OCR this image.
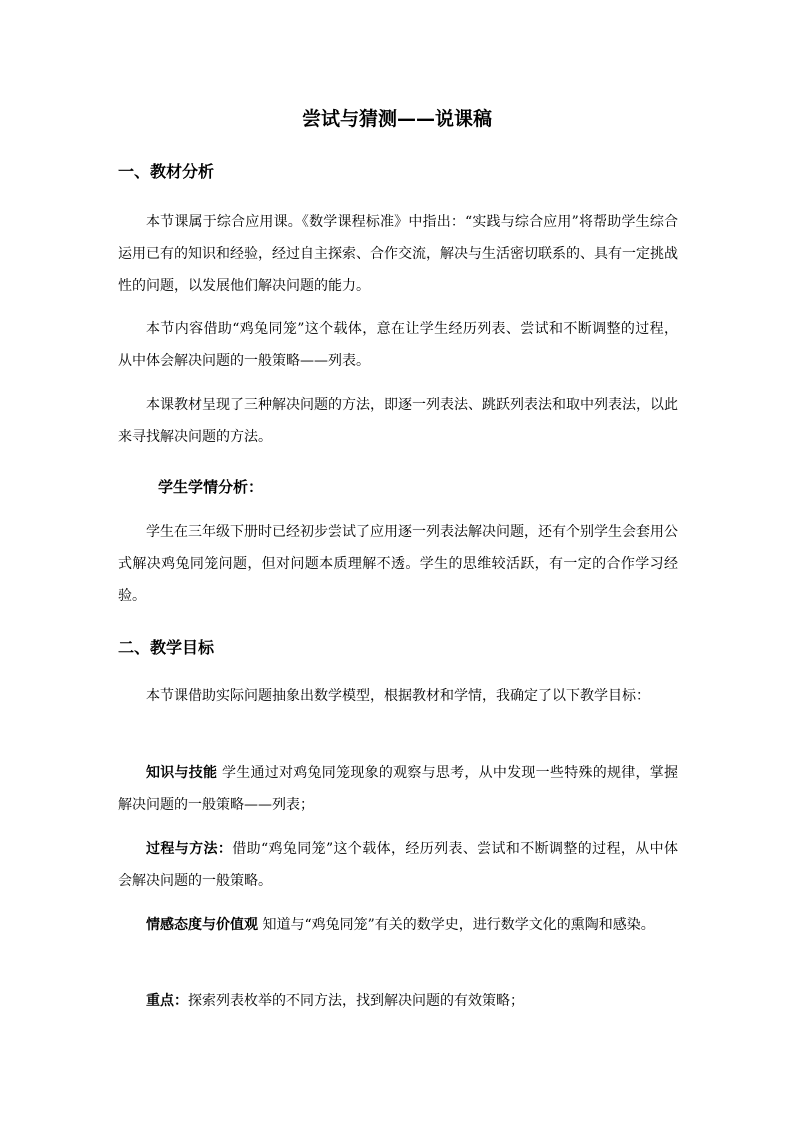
尝试与猜测——说课稿
一、教材分析

本节课属于综合应用课。《数学课程标准》中指出：“实践与综合应用”将帮助学生综合运用已有的知识和经验，经过自主探索、合作交流，解决与生活密切联系的、具有一定挑战性的问题，以发展他们解决问题的能力。

本节内容借助“鸡兔同笼”这个载体，意在让学生经历列表、尝试和不断调整的过程，从中体会解决问题的一般策略——列表。

本课教材呈现了三种解决问题的方法，即逐一列表法、跳跃列表法和取中列表法，以此来寻找解决问题的方法。

学生学情分析：

学生在三年级下册时已经初步尝试了应用逐一列表法解决问题，还有个别学生会套用公式解决鸡兔同笼问题，但对问题本质理解不透。学生的思维较活跃，有一定的合作学习经验。

二、教学目标

本节课借助实际问题抽象出数学模型，根据教材和学情，我确定了以下教学目标：

知识与技能 学生通过对鸡兔同笼现象的观察与思考，从中发现一些特殊的规律，掌握解决问题的一般策略——列表；

过程与方法：借助“鸡兔同笼”这个载体，经历列表、尝试和不断调整的过程，从中体会解决问题的一般策略。

情感态度与价值观 知道与“鸡兔同笼”有关的数学史，进行数学文化的熏陶和感染。

重点：探索列表枚举的不同方法，找到解决问题的有效策略；
